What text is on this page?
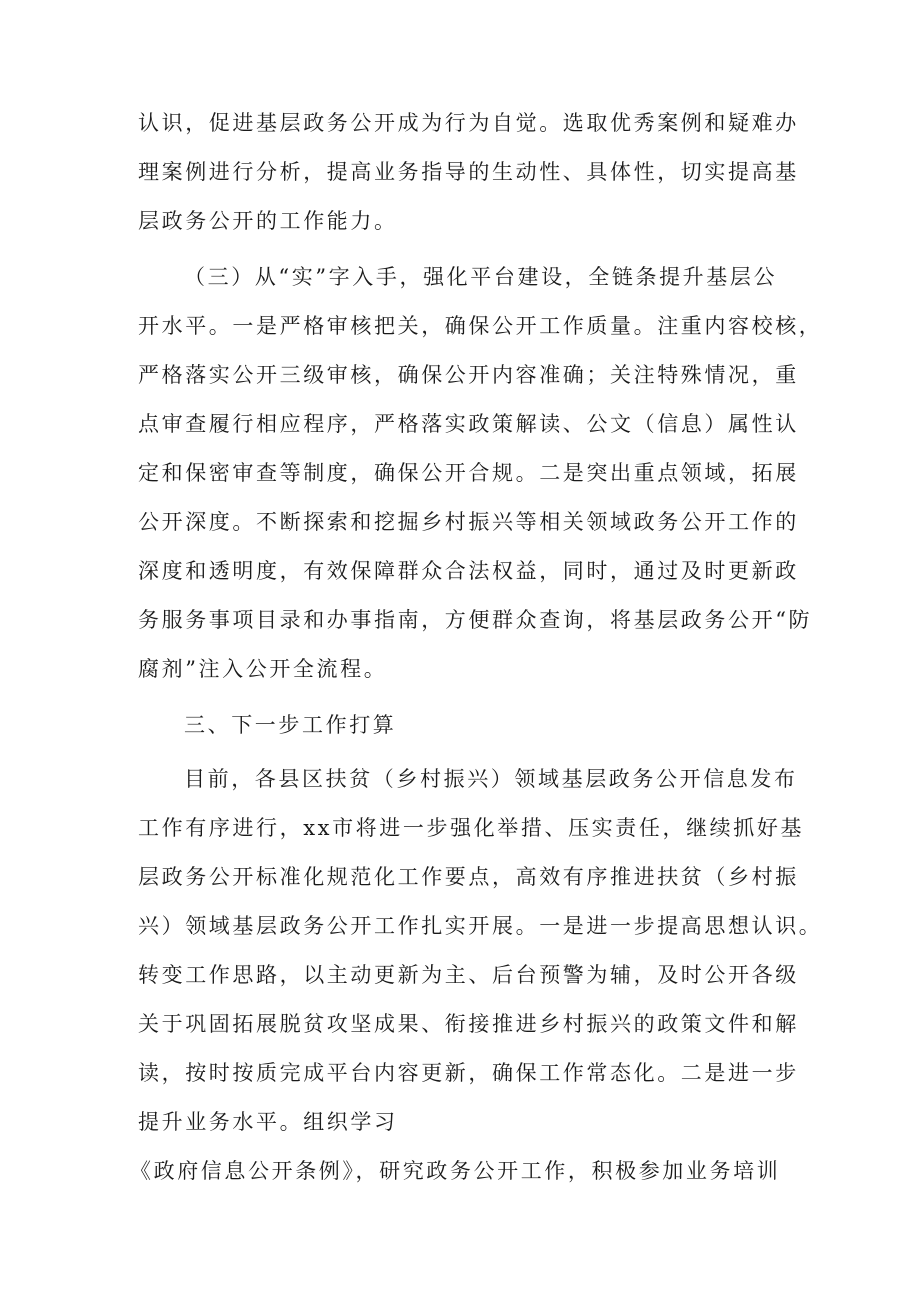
认识，促进基层政务公开成为行为自觉。选取优秀案例和疑难办
理案例进行分析，提高业务指导的生动性、具体性，切实提高基
层政务公开的工作能力。
（三）从“实”字入手，强化平台建设，全链条提升基层公
开水平。一是严格审核把关，确保公开工作质量。注重内容校核，
严格落实公开三级审核，确保公开内容准确；关注特殊情况，重
点审查履行相应程序，严格落实政策解读、公文（信息）属性认
定和保密审查等制度，确保公开合规。二是突出重点领域，拓展
公开深度。不断探索和挖掘乡村振兴等相关领域政务公开工作的
深度和透明度，有效保障群众合法权益，同时，通过及时更新政
务服务事项目录和办事指南，方便群众查询，将基层政务公开“防
腐剂”注入公开全流程。
三、下一步工作打算
目前，各县区扶贫（乡村振兴）领域基层政务公开信息发布
工作有序进行，xx市将进一步强化举措、压实责任，继续抓好基
层政务公开标准化规范化工作要点，高效有序推进扶贫（乡村振
兴）领域基层政务公开工作扎实开展。一是进一步提高思想认识。
转变工作思路，以主动更新为主、后台预警为辅，及时公开各级
关于巩固拓展脱贫攻坚成果、衔接推进乡村振兴的政策文件和解
读，按时按质完成平台内容更新，确保工作常态化。二是进一步
提升业务水平。组织学习
《政府信息公开条例》，研究政务公开工作，积极参加业务培训
